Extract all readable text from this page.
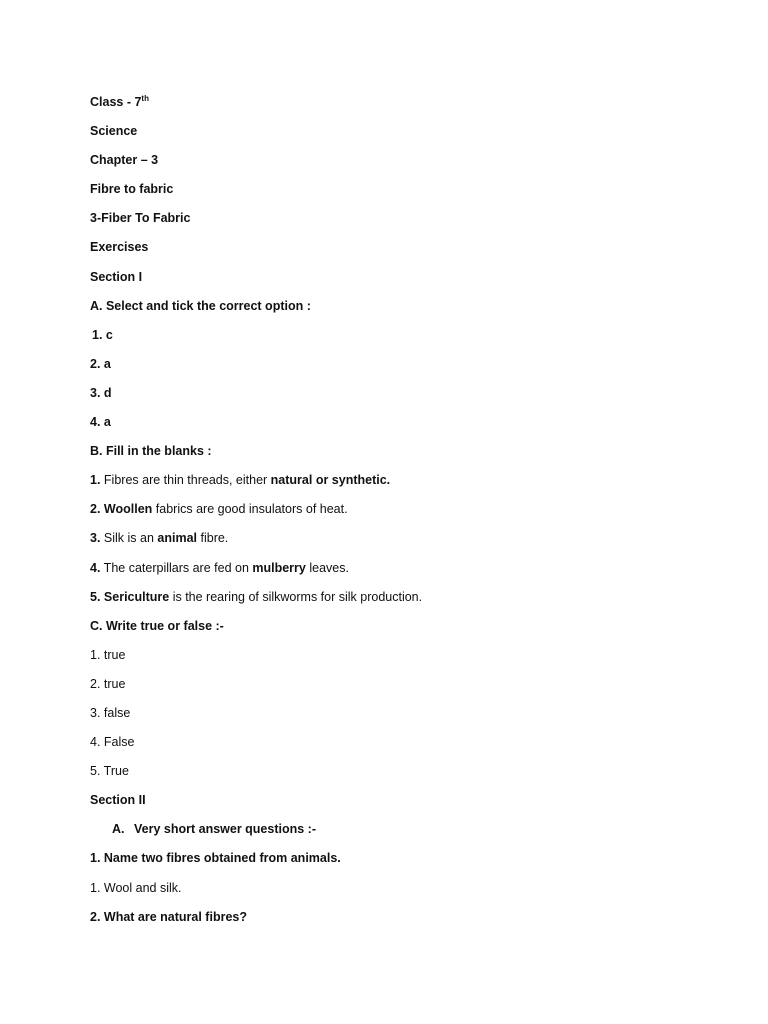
Class - 7th
Science
Chapter – 3
Fibre to fabric
3-Fiber To Fabric
Exercises
Section I
A. Select and tick the correct option :
1. c
2. a
3. d
4. a
B. Fill in the blanks :
1. Fibres are thin threads, either natural or synthetic.
2. Woollen fabrics are good insulators of heat.
3. Silk is an animal fibre.
4. The caterpillars are fed on mulberry leaves.
5. Sericulture is the rearing of silkworms for silk production.
C. Write true or false :-
1. true
2. true
3. false
4. False
5. True
Section II
A. Very short answer questions :-
1. Name two fibres obtained from animals.
1. Wool and silk.
2. What are natural fibres?
